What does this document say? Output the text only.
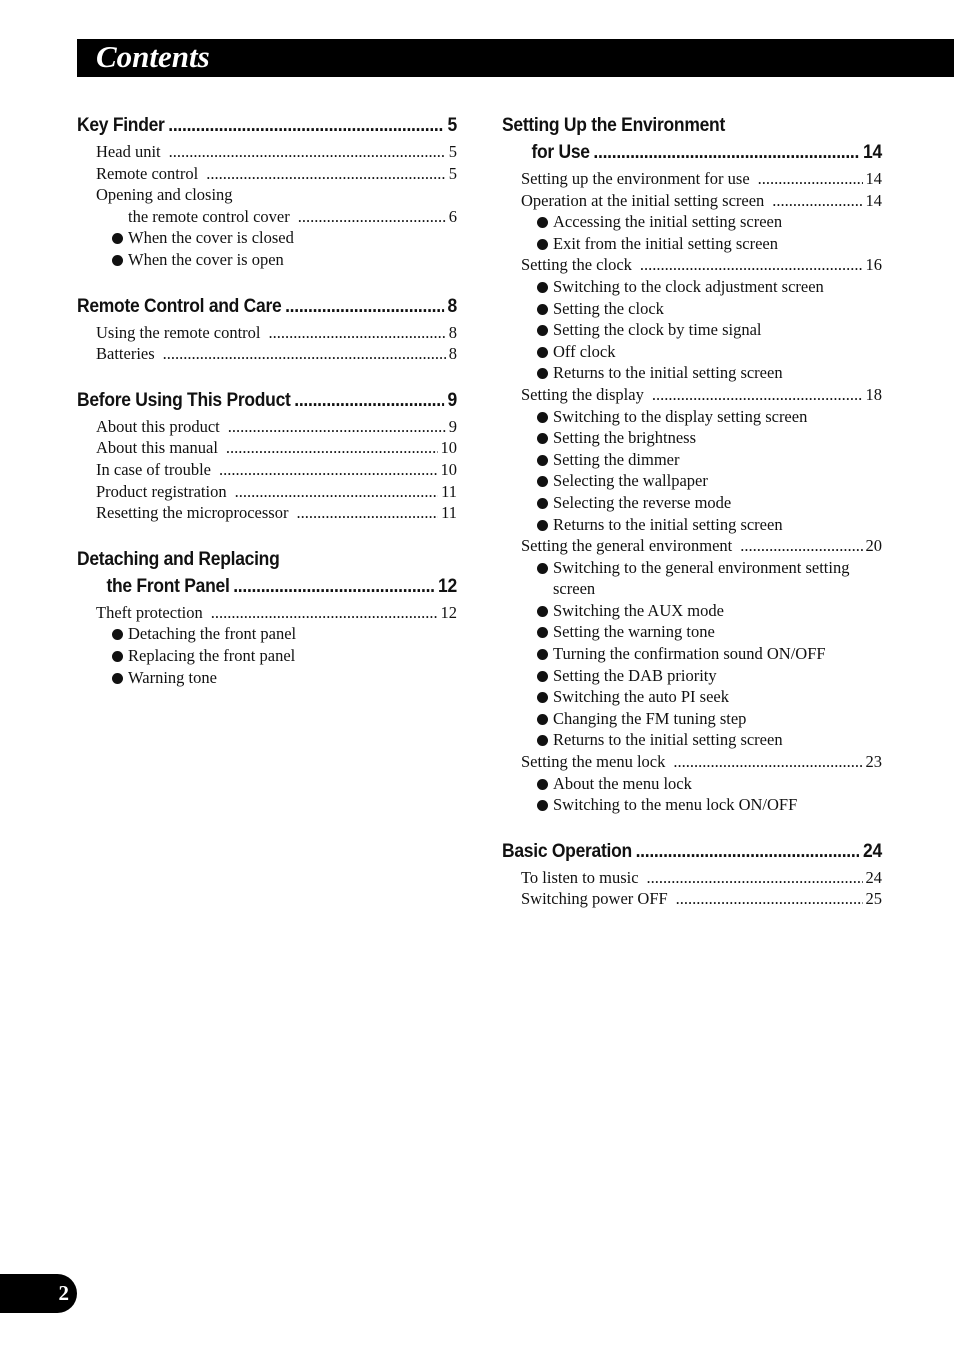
Contents
Key Finder .....	5
Head unit .....	5
Remote control .....	5
Opening and closing
the remote control cover .....	6
When the cover is closed
When the cover is open
Remote Control and Care .....	8
Using the remote control .....	8
Batteries .....	8
Before Using This Product .....	9
About this product .....	9
About this manual .....	10
In case of trouble .....	10
Product registration .....	11
Resetting the microprocessor .....	11
Detaching and Replacing
the Front Panel .....	12
Theft protection .....	12
Detaching the front panel
Replacing the front panel
Warning tone
Setting Up the Environment
for Use .....	14
Setting up the environment for use .....	14
Operation at the initial setting screen .....	14
Accessing the initial setting screen
Exit from the initial setting screen
Setting the clock .....	16
Switching to the clock adjustment screen
Setting the clock
Setting the clock by time signal
Off clock
Returns to the initial setting screen
Setting the display .....	18
Switching to the display setting screen
Setting the brightness
Setting the dimmer
Selecting the wallpaper
Selecting the reverse mode
Returns to the initial setting screen
Setting the general environment .....	20
Switching to the general environment setting screen
Switching the AUX mode
Setting the warning tone
Turning the confirmation sound ON/OFF
Setting the DAB priority
Switching the auto PI seek
Changing the FM tuning step
Returns to the initial setting screen
Setting the menu lock .....	23
About the menu lock
Switching to the menu lock ON/OFF
Basic Operation .....	24
To listen to music .....	24
Switching power OFF .....	25
2
